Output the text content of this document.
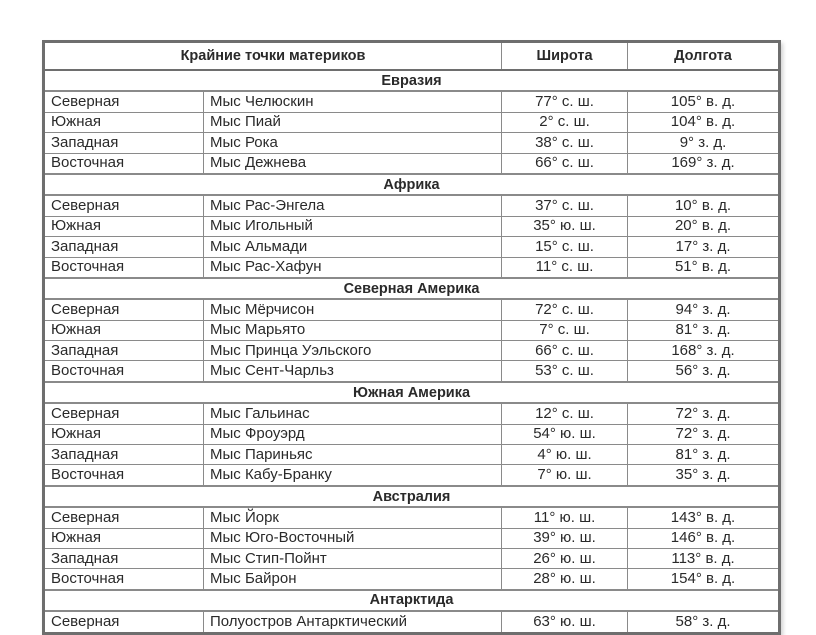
Крайние точки материков		Широта	Долгота
Евразия			
Северная	Мыс Челюскин	77° с. ш.	105° в. д.
Южная	Мыс Пиай	2° с. ш.	104° в. д.
Западная	Мыс Рока	38° с. ш.	9° з. д.
Восточная	Мыс Дежнева	66° с. ш.	169° з. д.
Африка			
Северная	Мыс Рас-Энгела	37° с. ш.	10° в. д.
Южная	Мыс Игольный	35° ю. ш.	20° в. д.
Западная	Мыс Альмади	15° с. ш.	17° з. д.
Восточная	Мыс Рас-Хафун	11° с. ш.	51° в. д.
Северная Америка			
Северная	Мыс Мёрчисон	72° с. ш.	94° з. д.
Южная	Мыс Марьято	7° с. ш.	81° з. д.
Западная	Мыс Принца Уэльского	66° с. ш.	168° з. д.
Восточная	Мыс Сент-Чарльз	53° с. ш.	56° з. д.
Южная Америка			
Северная	Мыс Гальинас	12° с. ш.	72° з. д.
Южная	Мыс Фроуэрд	54° ю. ш.	72° з. д.
Западная	Мыс Париньяс	4° ю. ш.	81° з. д.
Восточная	Мыс Кабу-Бранку	7° ю. ш.	35° з. д.
Австралия			
Северная	Мыс Йорк	11° ю. ш.	143° в. д.
Южная	Мыс Юго-Восточный	39° ю. ш.	146° в. д.
Западная	Мыс Стип-Пойнт	26° ю. ш.	113° в. д.
Восточная	Мыс Байрон	28° ю. ш.	154° в. д.
Антарктида			
Северная	Полуостров Антарктический	63° ю. ш.	58° з. д.
